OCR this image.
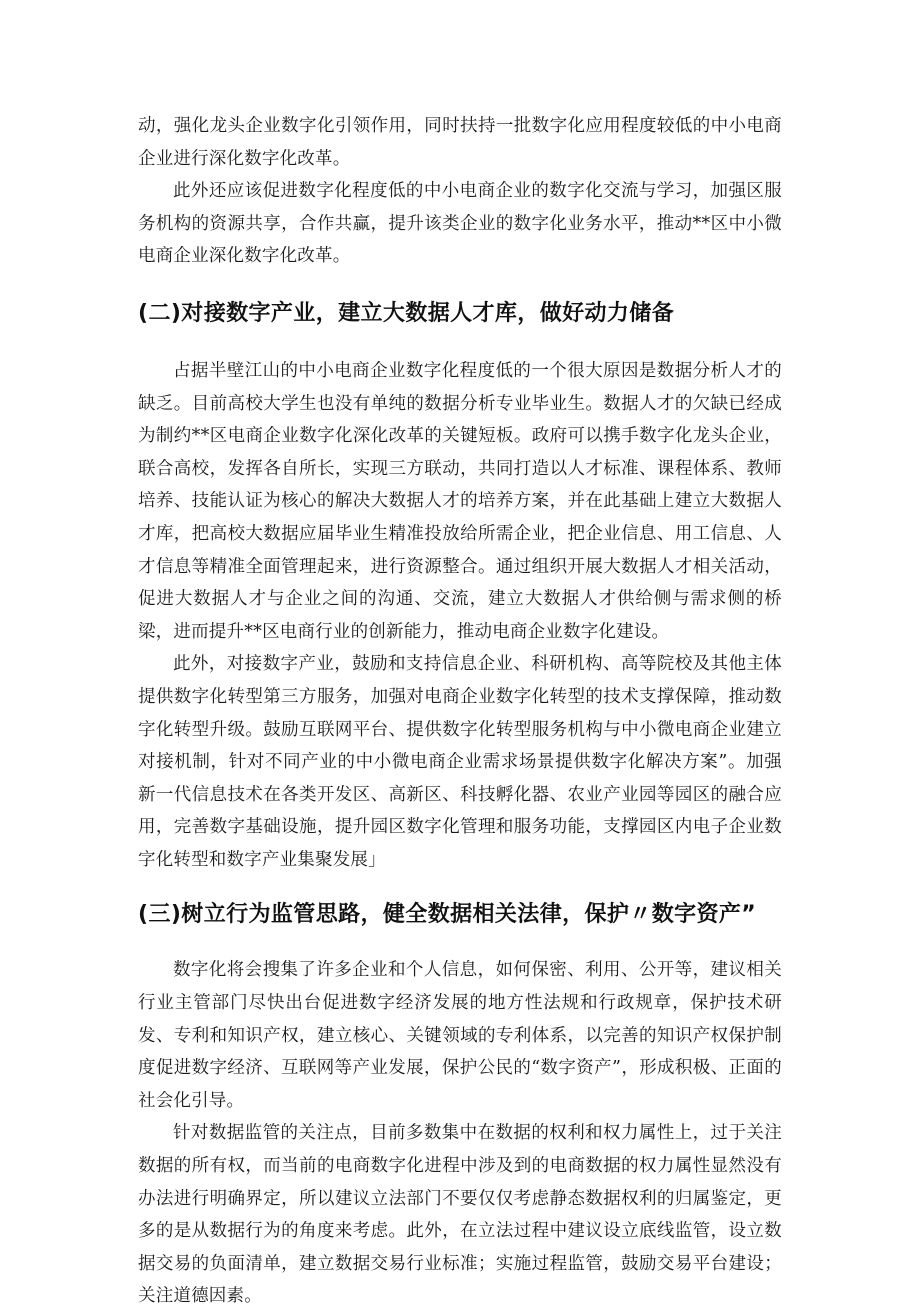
动，强化龙头企业数字化引领作用，同时扶持一批数字化应用程度较低的中小电商企业进行深化数字化改革。

此外还应该促进数字化程度低的中小电商企业的数字化交流与学习，加强区服务机构的资源共享，合作共赢，提升该类企业的数字化业务水平，推动**区中小微电商企业深化数字化改革。

(二)对接数字产业，建立大数据人才库，做好动力储备

占据半壁江山的中小电商企业数字化程度低的一个很大原因是数据分析人才的缺乏。目前高校大学生也没有单纯的数据分析专业毕业生。数据人才的欠缺已经成为制约**区电商企业数字化深化改革的关键短板。政府可以携手数字化龙头企业，联合高校，发挥各自所长，实现三方联动，共同打造以人才标准、课程体系、教师培养、技能认证为核心的解决大数据人才的培养方案，并在此基础上建立大数据人才库，把高校大数据应届毕业生精准投放给所需企业，把企业信息、用工信息、人才信息等精准全面管理起来，进行资源整合。通过组织开展大数据人才相关活动，促进大数据人才与企业之间的沟通、交流，建立大数据人才供给侧与需求侧的桥梁，进而提升**区电商行业的创新能力，推动电商企业数字化建设。

此外，对接数字产业，鼓励和支持信息企业、科研机构、高等院校及其他主体提供数字化转型第三方服务，加强对电商企业数字化转型的技术支撑保障，推动数字化转型升级。鼓励互联网平台、提供数字化转型服务机构与中小微电商企业建立对接机制，针对不同产业的中小微电商企业需求场景提供数字化解决方案”。加强新一代信息技术在各类开发区、高新区、科技孵化器、农业产业园等园区的融合应用，完善数字基础设施，提升园区数字化管理和服务功能，支撑园区内电子企业数字化转型和数字产业集聚发展」

(三)树立行为监管思路，健全数据相关法律，保护〃数字资产”

数字化将会搜集了许多企业和个人信息，如何保密、利用、公开等，建议相关行业主管部门尽快出台促进数字经济发展的地方性法规和行政规章，保护技术研发、专利和知识产权，建立核心、关键领域的专利体系，以完善的知识产权保护制度促进数字经济、互联网等产业发展，保护公民的“数字资产”，形成积极、正面的社会化引导。

针对数据监管的关注点，目前多数集中在数据的权利和权力属性上，过于关注数据的所有权，而当前的电商数字化进程中涉及到的电商数据的权力属性显然没有办法进行明确界定，所以建议立法部门不要仅仅考虑静态数据权利的归属鉴定，更多的是从数据行为的角度来考虑。此外，在立法过程中建议设立底线监管，设立数据交易的负面清单，建立数据交易行业标准；实施过程监管，鼓励交易平台建设；关注道德因素。
